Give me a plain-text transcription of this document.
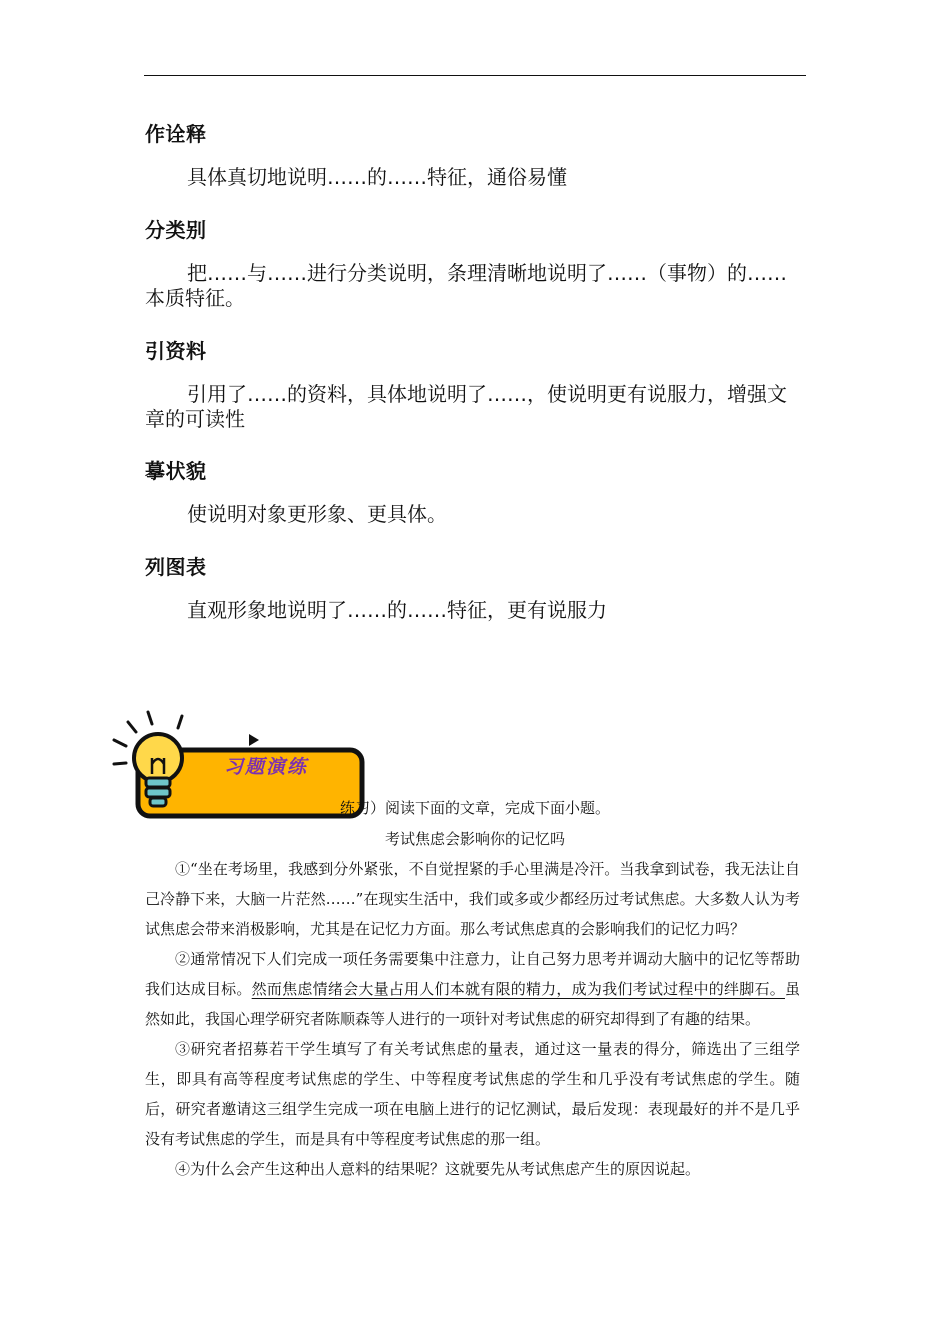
作诠释
具体真切地说明……的……特征，通俗易懂
分类别
把……与……进行分类说明，条理清晰地说明了……（事物）的……本质特征。
引资料
引用了……的资料，具体地说明了……，使说明更有说服力，增强文章的可读性
摹状貌
使说明对象更形象、更具体。
列图表
直观形象地说明了……的……特征，更有说服力
习题演练
练习）阅读下面的文章，完成下面小题。
考试焦虑会影响你的记忆吗

①“坐在考场里，我感到分外紧张，不自觉捏紧的手心里满是冷汗。当我拿到试卷，我无法让自己冷静下来，大脑一片茫然……”在现实生活中，我们或多或少都经历过考试焦虑。大多数人认为考试焦虑会带来消极影响，尤其是在记忆力方面。那么考试焦虑真的会影响我们的记忆力吗？

②通常情况下人们完成一项任务需要集中注意力，让自己努力思考并调动大脑中的记忆等帮助我们达成目标。然而焦虑情绪会大量占用人们本就有限的精力，成为我们考试过程中的绊脚石。虽然如此，我国心理学研究者陈顺森等人进行的一项针对考试焦虑的研究却得到了有趣的结果。

③研究者招募若干学生填写了有关考试焦虑的量表，通过这一量表的得分，筛选出了三组学生，即具有高等程度考试焦虑的学生、中等程度考试焦虑的学生和几乎没有考试焦虑的学生。随后，研究者邀请这三组学生完成一项在电脑上进行的记忆测试，最后发现：表现最好的并不是几乎没有考试焦虑的学生，而是具有中等程度考试焦虑的那一组。

④为什么会产生这种出人意料的结果呢？这就要先从考试焦虑产生的原因说起。
